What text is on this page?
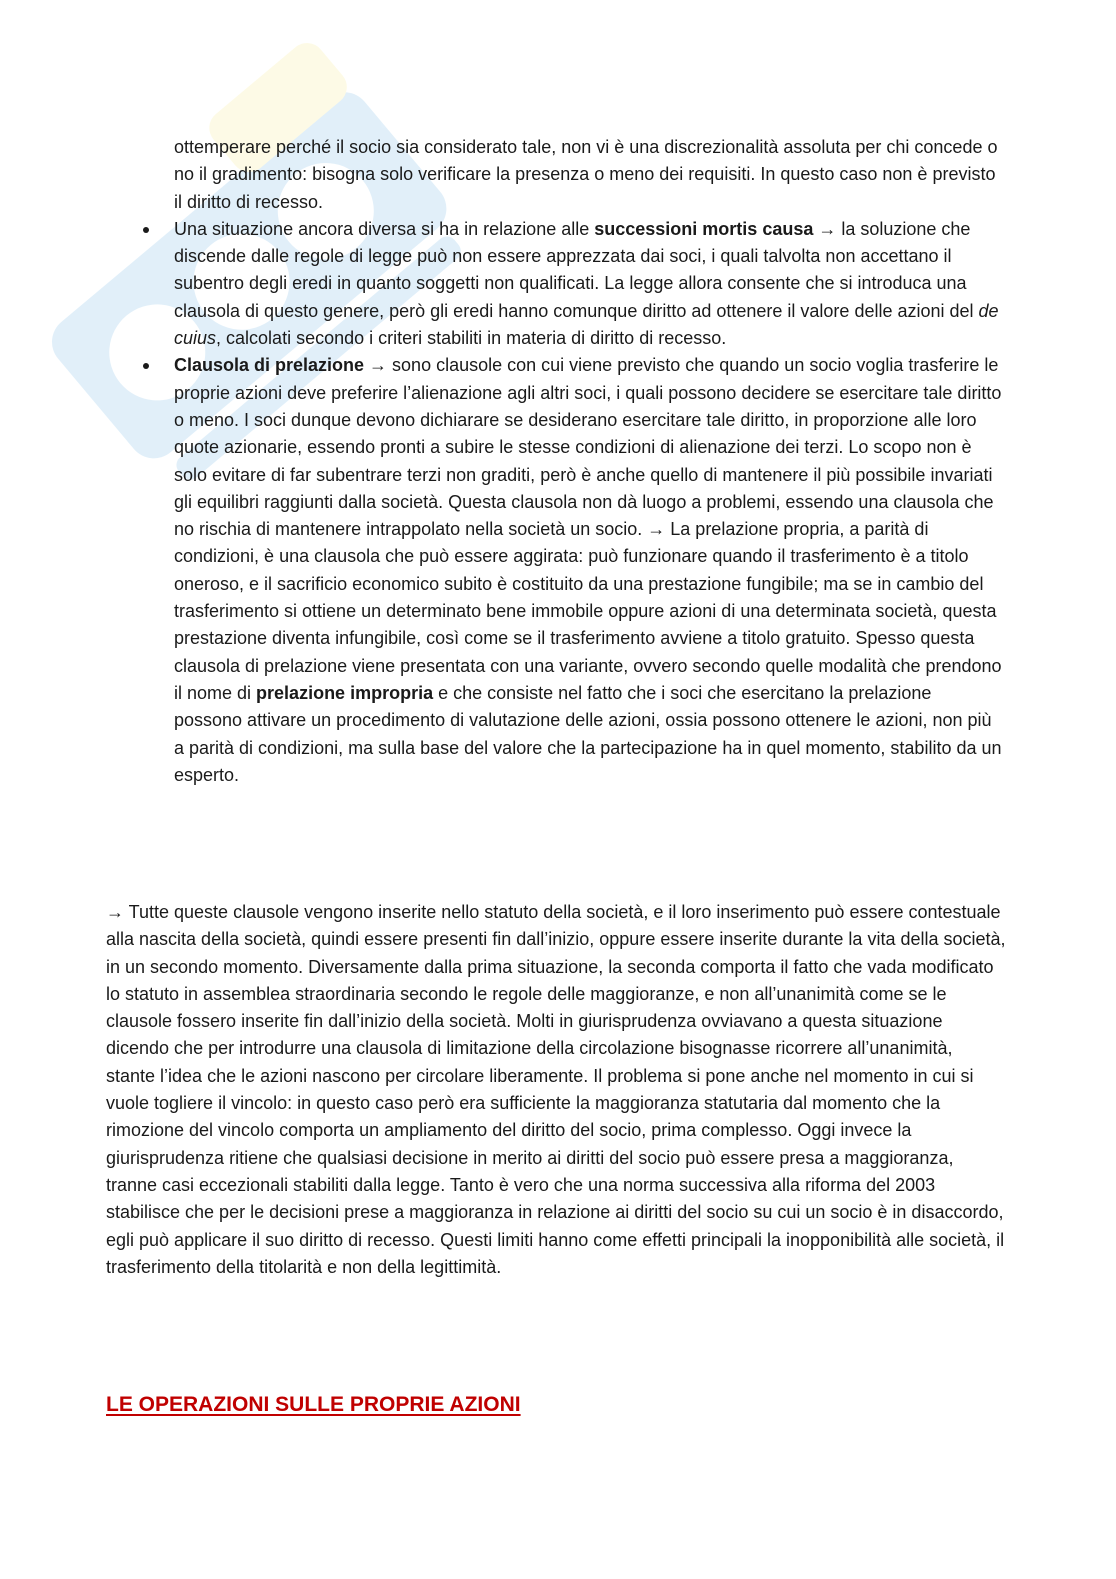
ottemperare perché il socio sia considerato tale, non vi è una discrezionalità assoluta per chi concede o no il gradimento: bisogna solo verificare la presenza o meno dei requisiti. In questo caso non è previsto il diritto di recesso.
Una situazione ancora diversa si ha in relazione alle successioni mortis causa → la soluzione che discende dalle regole di legge può non essere apprezzata dai soci, i quali talvolta non accettano il subentro degli eredi in quanto soggetti non qualificati. La legge allora consente che si introduca una clausola di questo genere, però gli eredi hanno comunque diritto ad ottenere il valore delle azioni del de cuius, calcolati secondo i criteri stabiliti in materia di diritto di recesso.
Clausola di prelazione → sono clausole con cui viene previsto che quando un socio voglia trasferire le proprie azioni deve preferire l’alienazione agli altri soci, i quali possono decidere se esercitare tale diritto o meno. I soci dunque devono dichiarare se desiderano esercitare tale diritto, in proporzione alle loro quote azionarie, essendo pronti a subire le stesse condizioni di alienazione dei terzi. Lo scopo non è solo evitare di far subentrare terzi non graditi, però è anche quello di mantenere il più possibile invariati gli equilibri raggiunti dalla società. Questa clausola non dà luogo a problemi, essendo una clausola che no rischia di mantenere intrappolato nella società un socio. → La prelazione propria, a parità di condizioni, è una clausola che può essere aggirata: può funzionare quando il trasferimento è a titolo oneroso, e il sacrificio economico subito è costituito da una prestazione fungibile; ma se in cambio del trasferimento si ottiene un determinato bene immobile oppure azioni di una determinata società, questa prestazione diventa infungibile, così come se il trasferimento avviene a titolo gratuito. Spesso questa clausola di prelazione viene presentata con una variante, ovvero secondo quelle modalità che prendono il nome di prelazione impropria e che consiste nel fatto che i soci che esercitano la prelazione possono attivare un procedimento di valutazione delle azioni, ossia possono ottenere le azioni, non più a parità di condizioni, ma sulla base del valore che la partecipazione ha in quel momento, stabilito da un esperto.

→ Tutte queste clausole vengono inserite nello statuto della società, e il loro inserimento può essere contestuale alla nascita della società, quindi essere presenti fin dall’inizio, oppure essere inserite durante la vita della società, in un secondo momento. Diversamente dalla prima situazione, la seconda comporta il fatto che vada modificato lo statuto in assemblea straordinaria secondo le regole delle maggioranze, e non all’unanimità come se le clausole fossero inserite fin dall’inizio della società. Molti in giurisprudenza ovviavano a questa situazione dicendo che per introdurre una clausola di limitazione della circolazione bisognasse ricorrere all’unanimità, stante l’idea che le azioni nascono per circolare liberamente. Il problema si pone anche nel momento in cui si vuole togliere il vincolo: in questo caso però era sufficiente la maggioranza statutaria dal momento che la rimozione del vincolo comporta un ampliamento del diritto del socio, prima complesso. Oggi invece la giurisprudenza ritiene che qualsiasi decisione in merito ai diritti del socio può essere presa a maggioranza, tranne casi eccezionali stabiliti dalla legge. Tanto è vero che una norma successiva alla riforma del 2003 stabilisce che per le decisioni prese a maggioranza in relazione ai diritti del socio su cui un socio è in disaccordo, egli può applicare il suo diritto di recesso. Questi limiti hanno come effetti principali la inopponibilità alle società, il trasferimento della titolarità e non della legittimità.

LE OPERAZIONI SULLE PROPRIE AZIONI
